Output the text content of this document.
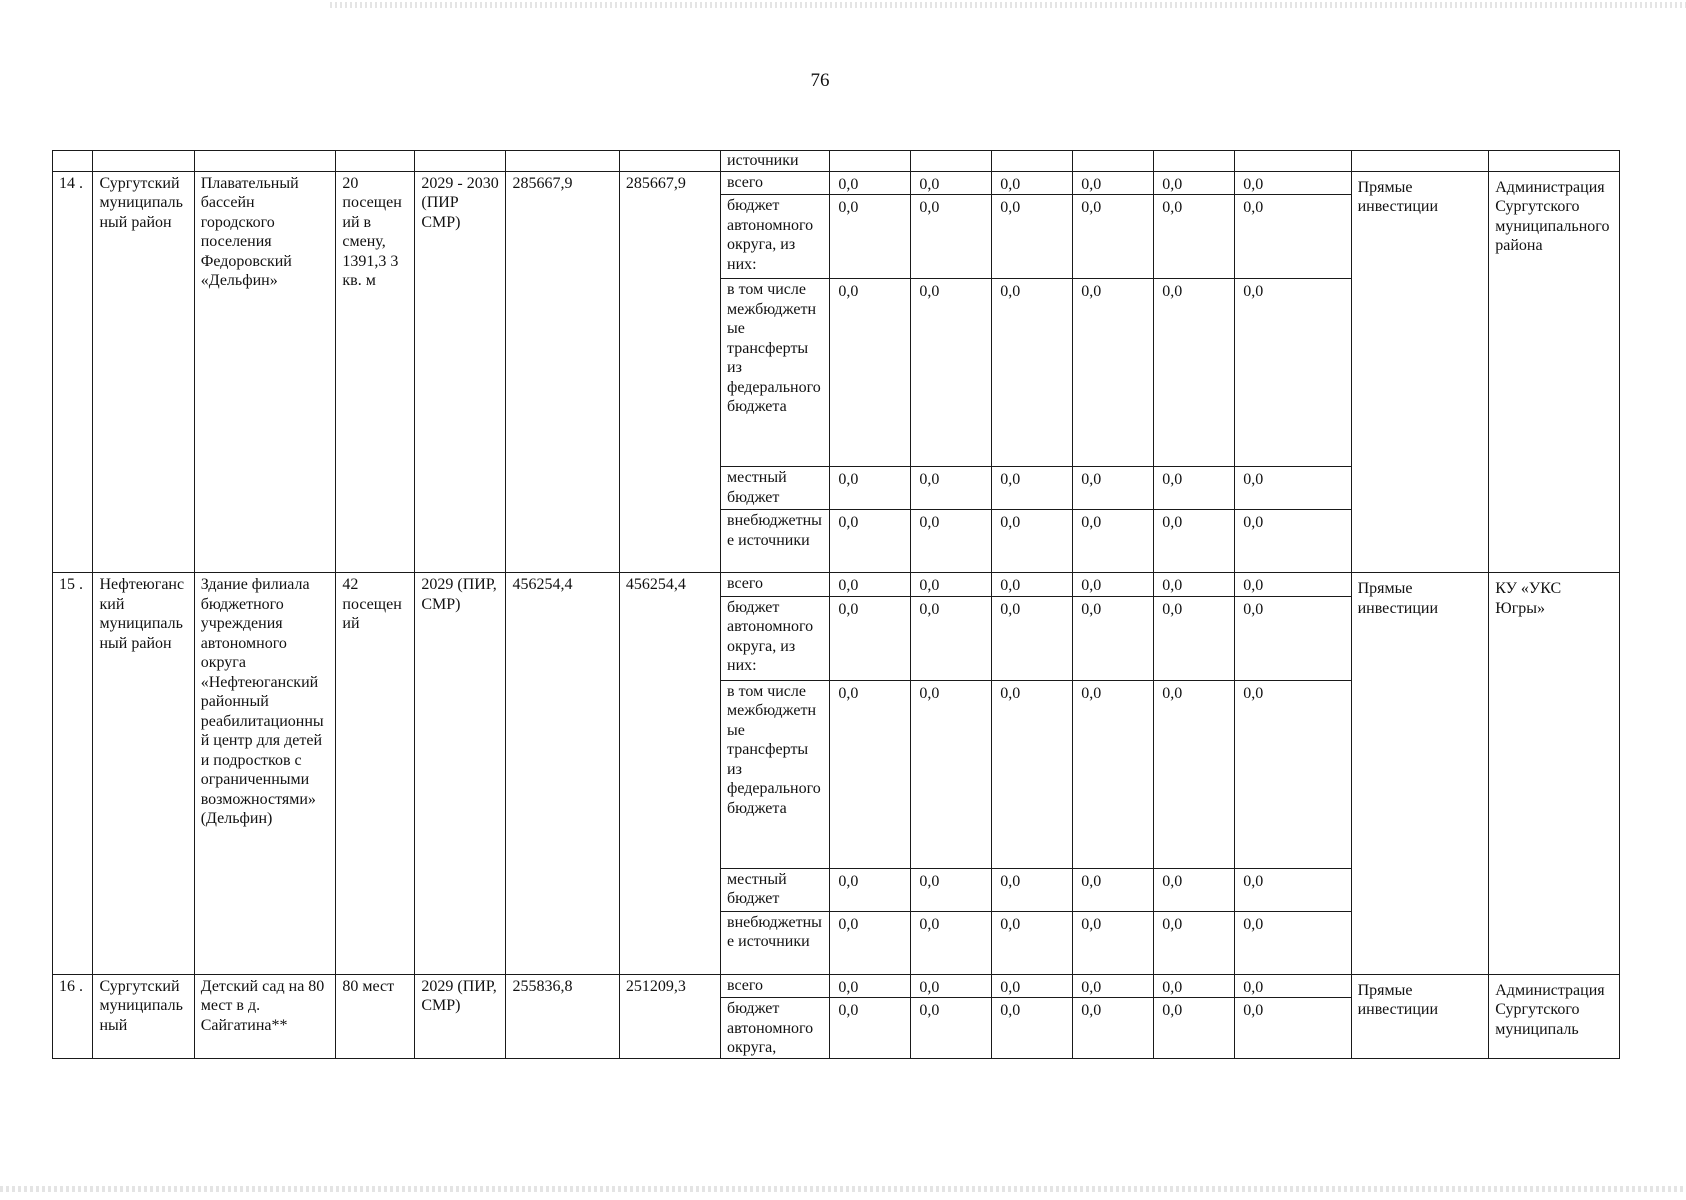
76
							источники								
14 .	Сургутский муниципальный район	Плавательный бассейн городского поселения Федоровский «Дельфин»	20 посещений в смену, 1391,3 3 кв. м	2029 - 2030 (ПИР СМР)	285667,9	285667,9	всего	0,0	0,0	0,0	0,0	0,0	0,0	Прямые инвестиции	Администрация Сургутского муниципального района
							бюджет автономного округа, из них:	0,0	0,0	0,0	0,0	0,0	0,0		
							в том числе межбюджетные трансферты из федерального бюджета	0,0	0,0	0,0	0,0	0,0	0,0		
							местный бюджет	0,0	0,0	0,0	0,0	0,0	0,0		
							внебюджетные источники	0,0	0,0	0,0	0,0	0,0	0,0		
15 .	Нефтеюганский муниципальный район	Здание филиала бюджетного учреждения автономного округа «Нефтеюганский районный реабилитационный центр для детей и подростков с ограниченными возможностями» (Дельфин)	42 посещений	2029 (ПИР, СМР)	456254,4	456254,4	всего	0,0	0,0	0,0	0,0	0,0	0,0	Прямые инвестиции	КУ «УКС Югры»
							бюджет автономного округа, из них:	0,0	0,0	0,0	0,0	0,0	0,0		
							в том числе межбюджетные трансферты из федерального бюджета	0,0	0,0	0,0	0,0	0,0	0,0		
							местный бюджет	0,0	0,0	0,0	0,0	0,0	0,0		
							внебюджетные источники	0,0	0,0	0,0	0,0	0,0	0,0		
16 .	Сургутский муниципальный	Детский сад на 80 мест в д. Сайгатина**	80 мест	2029 (ПИР, СМР)	255836,8	251209,3	всего	0,0	0,0	0,0	0,0	0,0	0,0	Прямые инвестиции	Администрация Сургутского муниципаль
							бюджет автономного округа,	0,0	0,0	0,0	0,0	0,0	0,0		
